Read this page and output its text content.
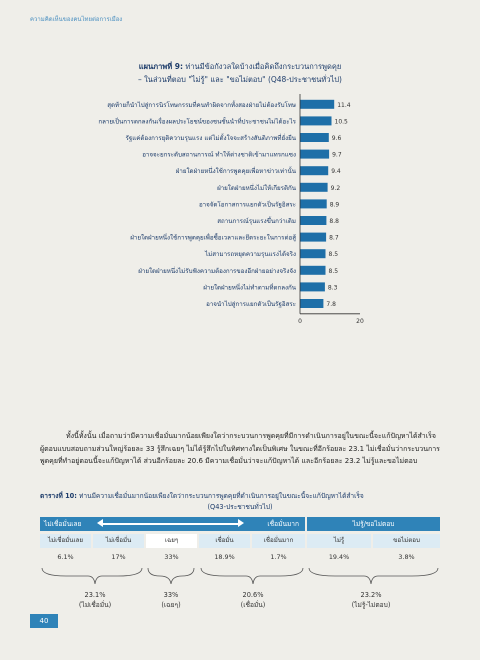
ความคิดเห็นของคนไทยต่อการเมือง
แผนภาพที่ 9: ท่านมีข้อกังวลใดบ้างเมื่อคิดถึงกระบวนการพูดคุย
– ในส่วนที่ตอบ "ไม่รู้" และ "ขอไม่ตอบ" (Q48-ประชาชนทั่วไป)
สุดท้ายก็นำไปสู่การนิรโทษกรรมที่คนทำผิดจากทั้งสองฝ่ายไม่ต้องรับโทษ	11.4
กลายเป็นการตกลงกันเรื่องผลประโยชน์ของชนชั้นนำที่ประชาชนไม่ได้อะไร	10.5
รัฐแค่ต้องการยุติความรุนแรง แต่ไม่ตั้งใจจะสร้างสันติภาพที่ยั่งยืน	9.6
อาจจะยกระดับสถานการณ์ ทำให้ต่างชาติเข้ามาแทรกแซง	9.7
ฝ่ายใดฝ่ายหนึ่งใช้การพูดคุยเพื่อหาข่าวเท่านั้น	9.4
ฝ่ายใดฝ่ายหนึ่งไม่ให้เกียรติกัน	9.2
อาจจัดโอกาสการแยกตัวเป็นรัฐอิสระ	8.9
สถานการณ์รุนแรงขึ้นกว่าเดิม	8.8
ฝ่ายใดฝ่ายหนึ่งใช้การพูดคุยเพื่อซื้อเวลาและยึดระยะในการต่อสู้	8.7
ไม่สามารถหยุดความรุนแรงได้จริง	8.5
ฝ่ายใดฝ่ายหนึ่งไม่รับฟังความต้องการของอีกฝ่ายอย่างจริงจัง	8.5
ฝ่ายใดฝ่ายหนึ่งไม่ทำตามที่ตกลงกัน	8.3
อาจนำไปสู่การแยกตัวเป็นรัฐอิสระ	7.8
0	20
ทั้งนี้ทั้งนั้น เมื่อถามว่ามีความเชื่อมั่นมากน้อยเพียงใดว่ากระบวนการพูดคุยที่มีการดำเนินการอยู่ในขณะนี้จะแก้ปัญหาได้สำเร็จ ผู้ตอบแบบสอบถามส่วนใหญ่ร้อยละ 33 รู้สึกเฉยๆ ไม่ได้รู้สึกไปในทิศทางใดเป็นพิเศษ ในขณะที่อีกร้อยละ 23.1 ไม่เชื่อมั่นว่ากระบวนการพูดคุยที่ทำอยู่ตอนนี้จะแก้ปัญหาได้ ส่วนอีกร้อยละ 20.6 มีความเชื่อมั่นว่าจะแก้ปัญหาได้ และอีกร้อยละ 23.2 ไม่รู้และขอไม่ตอบ
ตารางที่ 10: ท่านมีความเชื่อมั่นมากน้อยเพียงใดว่ากระบวนการพูดคุยที่ดำเนินการอยู่ในขณะนี้จะแก้ปัญหาได้สำเร็จ
(Q43-ประชาชนทั่วไป)
ไม่เชื่อมั่นเลย	เชื่อมั่นมาก	ไม่รู้/ขอไม่ตอบ
ไม่เชื่อมั่นเลย	ไม่เชื่อมั่น	เฉยๆ	เชื่อมั่น	เชื่อมั่นมาก	ไม่รู้	ขอไม่ตอบ
6.1%	17%	33%	18.9%	1.7%	19.4%	3.8%
23.1%
(ไม่เชื่อมั่น)
33%
(เฉยๆ)
20.6%
(เชื่อมั่น)
23.2%
(ไม่รู้-ไม่ตอบ)
40
